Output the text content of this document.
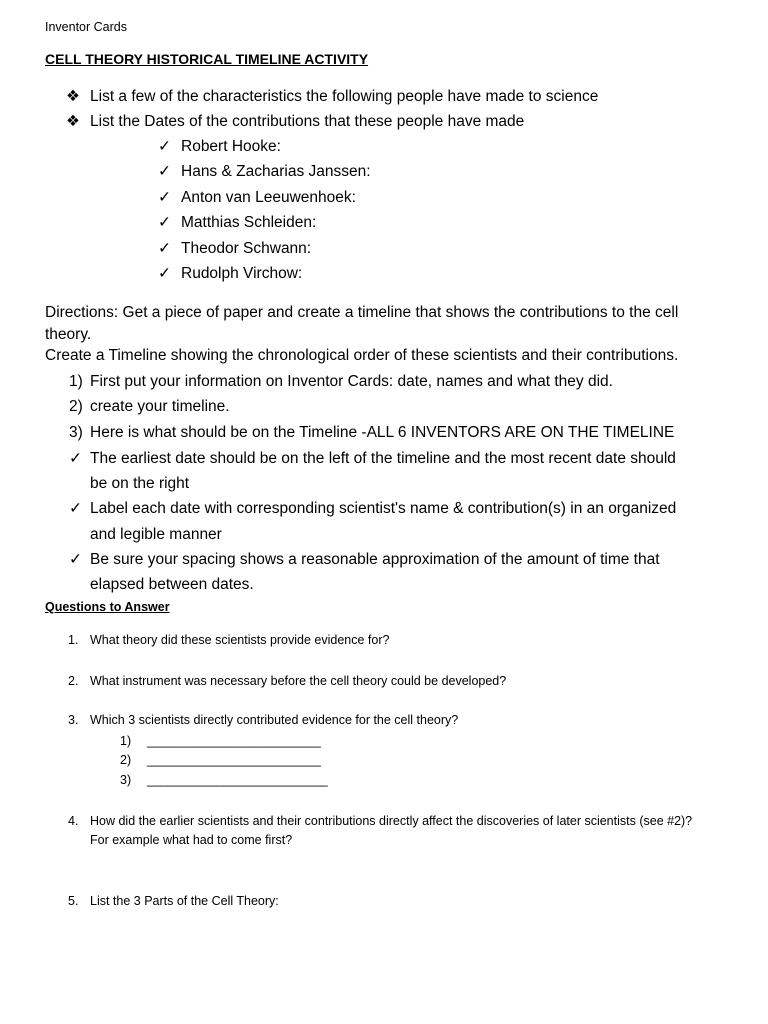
Inventor Cards
CELL THEORY HISTORICAL TIMELINE ACTIVITY
❖ List a few of the characteristics the following people have made to science
❖ List the Dates of the contributions that these people have made
✓ Robert Hooke:
✓ Hans & Zacharias Janssen:
✓ Anton van Leeuwenhoek:
✓ Matthias Schleiden:
✓ Theodor Schwann:
✓ Rudolph Virchow:
Directions: Get a piece of paper and create a timeline that shows the contributions to the cell
theory.
Create a Timeline showing the chronological order of these scientists and their contributions.
1) First put your information on Inventor Cards: date, names and what they did.
2) create your timeline.
3) Here is what should be on the Timeline -ALL 6 INVENTORS ARE ON THE TIMELINE
✓ The earliest date should be on the left of the timeline and the most recent date should
be on the right
✓ Label each date with corresponding scientist's name & contribution(s) in an organized
and legible manner
✓ Be sure your spacing shows a reasonable approximation of the amount of time that
elapsed between dates.
Questions to Answer
1. What theory did these scientists provide evidence for?
2. What instrument was necessary before the cell theory could be developed?
3. Which 3 scientists directly contributed evidence for the cell theory?
1) _________________________
2) _________________________
3) __________________________
4. How did the earlier scientists and their contributions directly affect the discoveries of later scientists (see #2)?
For example what had to come first?
5. List the 3 Parts of the Cell Theory:
